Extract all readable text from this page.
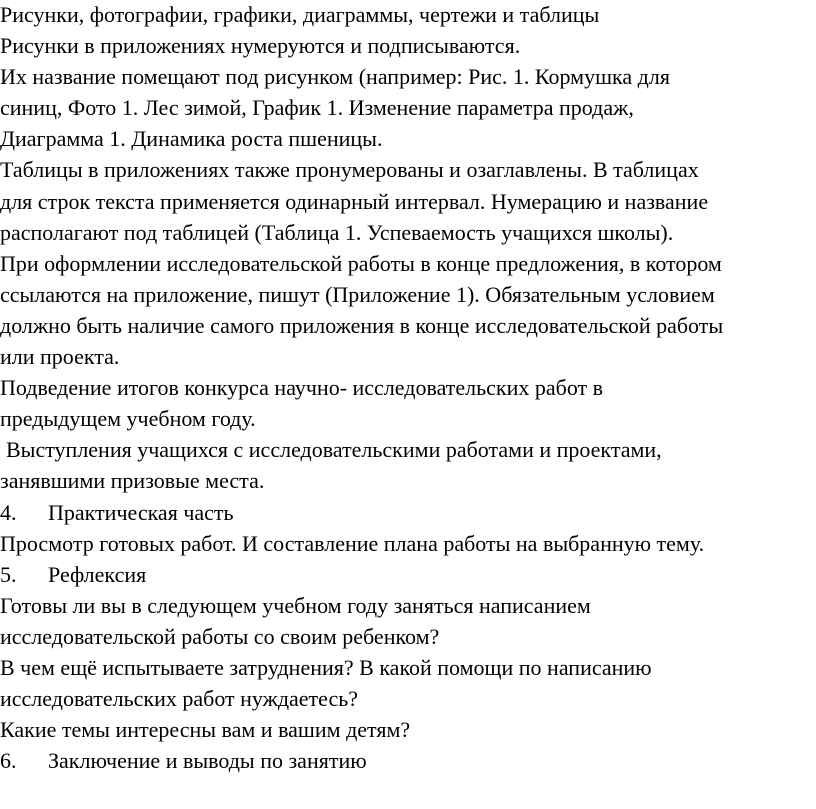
Рисунки, фотографии, графики, диаграммы, чертежи и таблицы

Рисунки в приложениях нумеруются и подписываются.

Их название помещают под рисунком (например: Рис. 1. Кормушка для

синиц, Фото 1. Лес зимой, График 1. Изменение параметра продаж,

Диаграмма 1. Динамика роста пшеницы.

Таблицы в приложениях также пронумерованы и озаглавлены. В таблицах

для строк текста применяется одинарный интервал. Нумерацию и название

располагают под таблицей (Таблица 1. Успеваемость учащихся школы).

При оформлении исследовательской работы в конце предложения, в котором

ссылаются на приложение, пишут (Приложение 1). Обязательным условием

должно быть наличие самого приложения в конце исследовательской работы

или проекта.

Подведение итогов конкурса научно- исследовательских работ в

предыдущем учебном году.

Выступления учащихся с исследовательскими работами и проектами,

занявшими призовые места.

4. Практическая часть

Просмотр готовых работ. И составление плана работы на выбранную тему.

5. Рефлексия

Готовы ли вы в следующем учебном году заняться написанием

исследовательской работы со своим ребенком?

В чем ещё испытываете затруднения? В какой помощи по написанию

исследовательских работ нуждаетесь?

Какие темы интересны вам и вашим детям?

6. Заключение и выводы по занятию
